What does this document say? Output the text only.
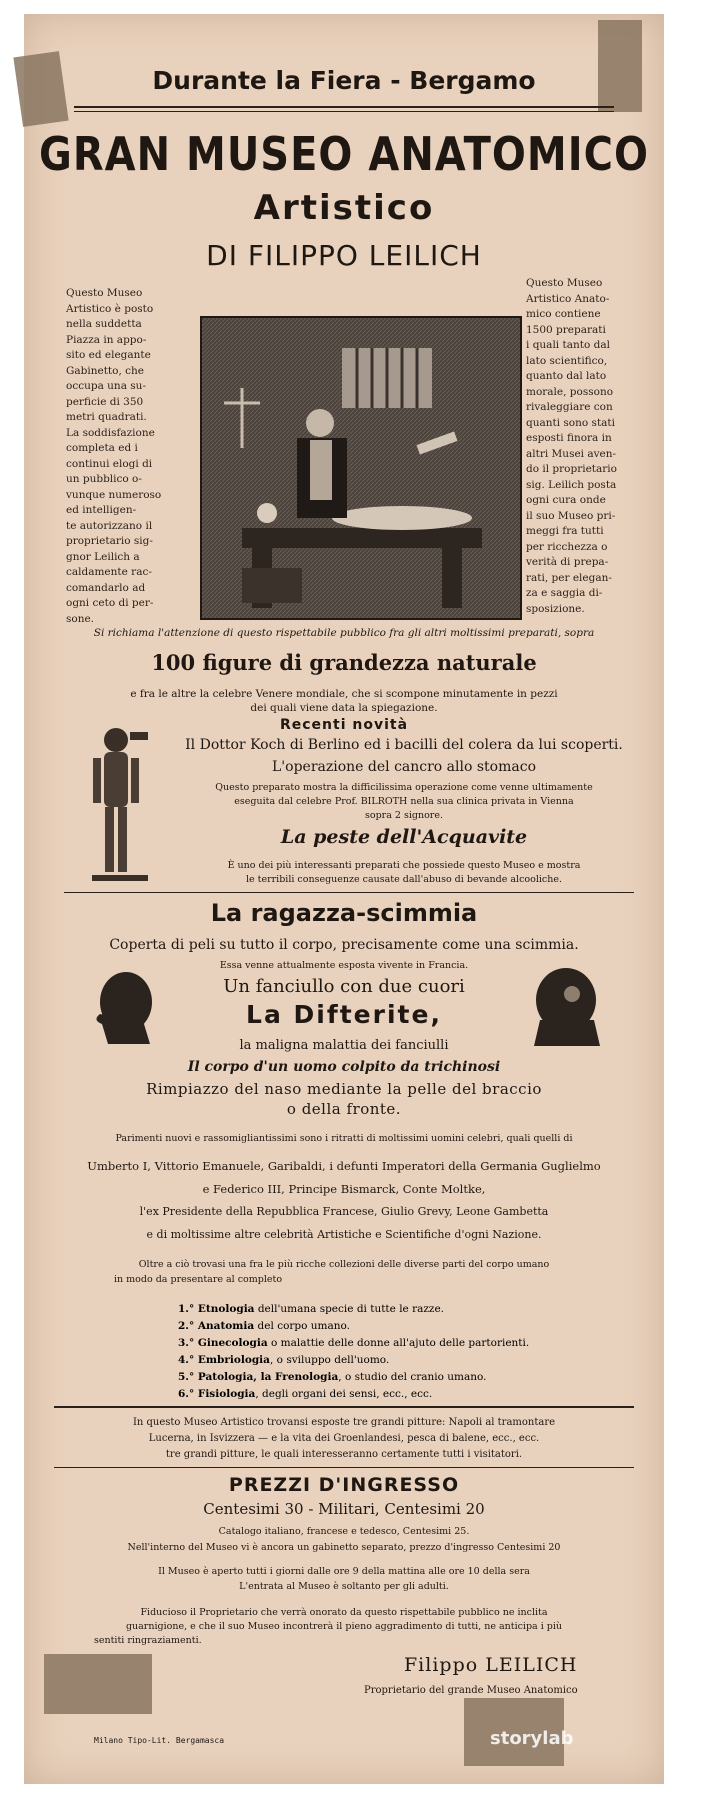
Durante la Fiera - Bergamo
GRAN MUSEO ANATOMICO
Artistico
DI FILIPPO LEILICH
Questo Museo
Artistico è posto
nella suddetta
Piazza in appo-
sito ed elegante
Gabinetto, che
occupa una su-
perficie di 350
metri quadrati.
La soddisfazione
completa ed i
continui elogi di
un pubblico o-
vunque numeroso
ed intelligen-
te autorizzano il
proprietario sig-
gnor Leilich a
caldamente rac-
comandarlo ad
ogni ceto di per-
sone.
Questo Museo
Artistico Anato-
mico contiene
1500 preparati
i quali tanto dal
lato scientifico,
quanto dal lato
morale, possono
rivaleggiare con
quanti sono stati
esposti finora in
altri Musei aven-
do il proprietario
sig. Leilich posta
ogni cura onde
il suo Museo pri-
meggi fra tutti
per ricchezza o
verità di prepa-
rati, per elegan-
za e saggia di-
sposizione.
Si richiama l'attenzione di questo rispettabile pubblico fra gli altri moltissimi preparati, sopra
100 figure di grandezza naturale
e fra le altre la celebre Venere mondiale, che si scompone minutamente in pezzi
dei quali viene data la spiegazione.
Recenti novità
Il Dottor Koch di Berlino ed i bacilli del colera da lui scoperti.
L'operazione del cancro allo stomaco
Questo preparato mostra la difficilissima operazione come venne ultimamente
eseguita dal celebre Prof. BILROTH nella sua clinica privata in Vienna
sopra 2 signore.
La peste dell'Acquavite
È uno dei più interessanti preparati che possiede questo Museo e mostra
le terribili conseguenze causate dall'abuso di bevande alcooliche.
La ragazza-scimmia
Coperta di peli su tutto il corpo, precisamente come una scimmia.
Essa venne attualmente esposta vivente in Francia.
Un fanciullo con due cuori
La Difterite,
la maligna malattia dei fanciulli
Il corpo d'un uomo colpito da trichinosi
Rimpiazzo del naso mediante la pelle del braccio
o della fronte.
Parimenti nuovi e rassomigliantissimi sono i ritratti di moltissimi uomini celebri, quali quelli di
Umberto I, Vittorio Emanuele, Garibaldi, i defunti Imperatori della Germania Guglielmo
e Federico III, Principe Bismarck, Conte Moltke,
l'ex Presidente della Repubblica Francese, Giulio Grevy, Leone Gambetta
e di moltissime altre celebrità Artistiche e Scientifiche d'ogni Nazione.
Oltre a ciò trovasi una fra le più ricche collezioni delle diverse parti del corpo umano
in modo da presentare al completo
1.° Etnologia dell'umana specie di tutte le razze.
2.° Anatomia del corpo umano.
3.° Ginecologia o malattie delle donne all'ajuto delle partorienti.
4.° Embriologia, o sviluppo dell'uomo.
5.° Patologia, la Frenologia, o studio del cranio umano.
6.° Fisiologia, degli organi dei sensi, ecc., ecc.
In questo Museo Artistico trovansi esposte tre grandi pitture: Napoli al tramontare
Lucerna, in Isvizzera — e la vita dei Groenlandesi, pesca di balene, ecc., ecc.
tre grandi pitture, le quali interesseranno certamente tutti i visitatori.
PREZZI D'INGRESSO
Centesimi 30 - Militari, Centesimi 20
Catalogo italiano, francese e tedesco, Centesimi 25.
Nell'interno del Museo vi è ancora un gabinetto separato, prezzo d'ingresso Centesimi 20
Il Museo è aperto tutti i giorni dalle ore 9 della mattina alle ore 10 della sera
L'entrata al Museo è soltanto per gli adulti.
Fiducioso il Proprietario che verrà onorato da questo rispettabile pubblico ne inclita
guarnigione, e che il suo Museo incontrerà il pieno aggradimento di tutti, ne anticipa i più
sentiti ringraziamenti.
Filippo LEILICH
Proprietario del grande Museo Anatomico
Milano Tipo-Lit. Bergamasca	storylab
